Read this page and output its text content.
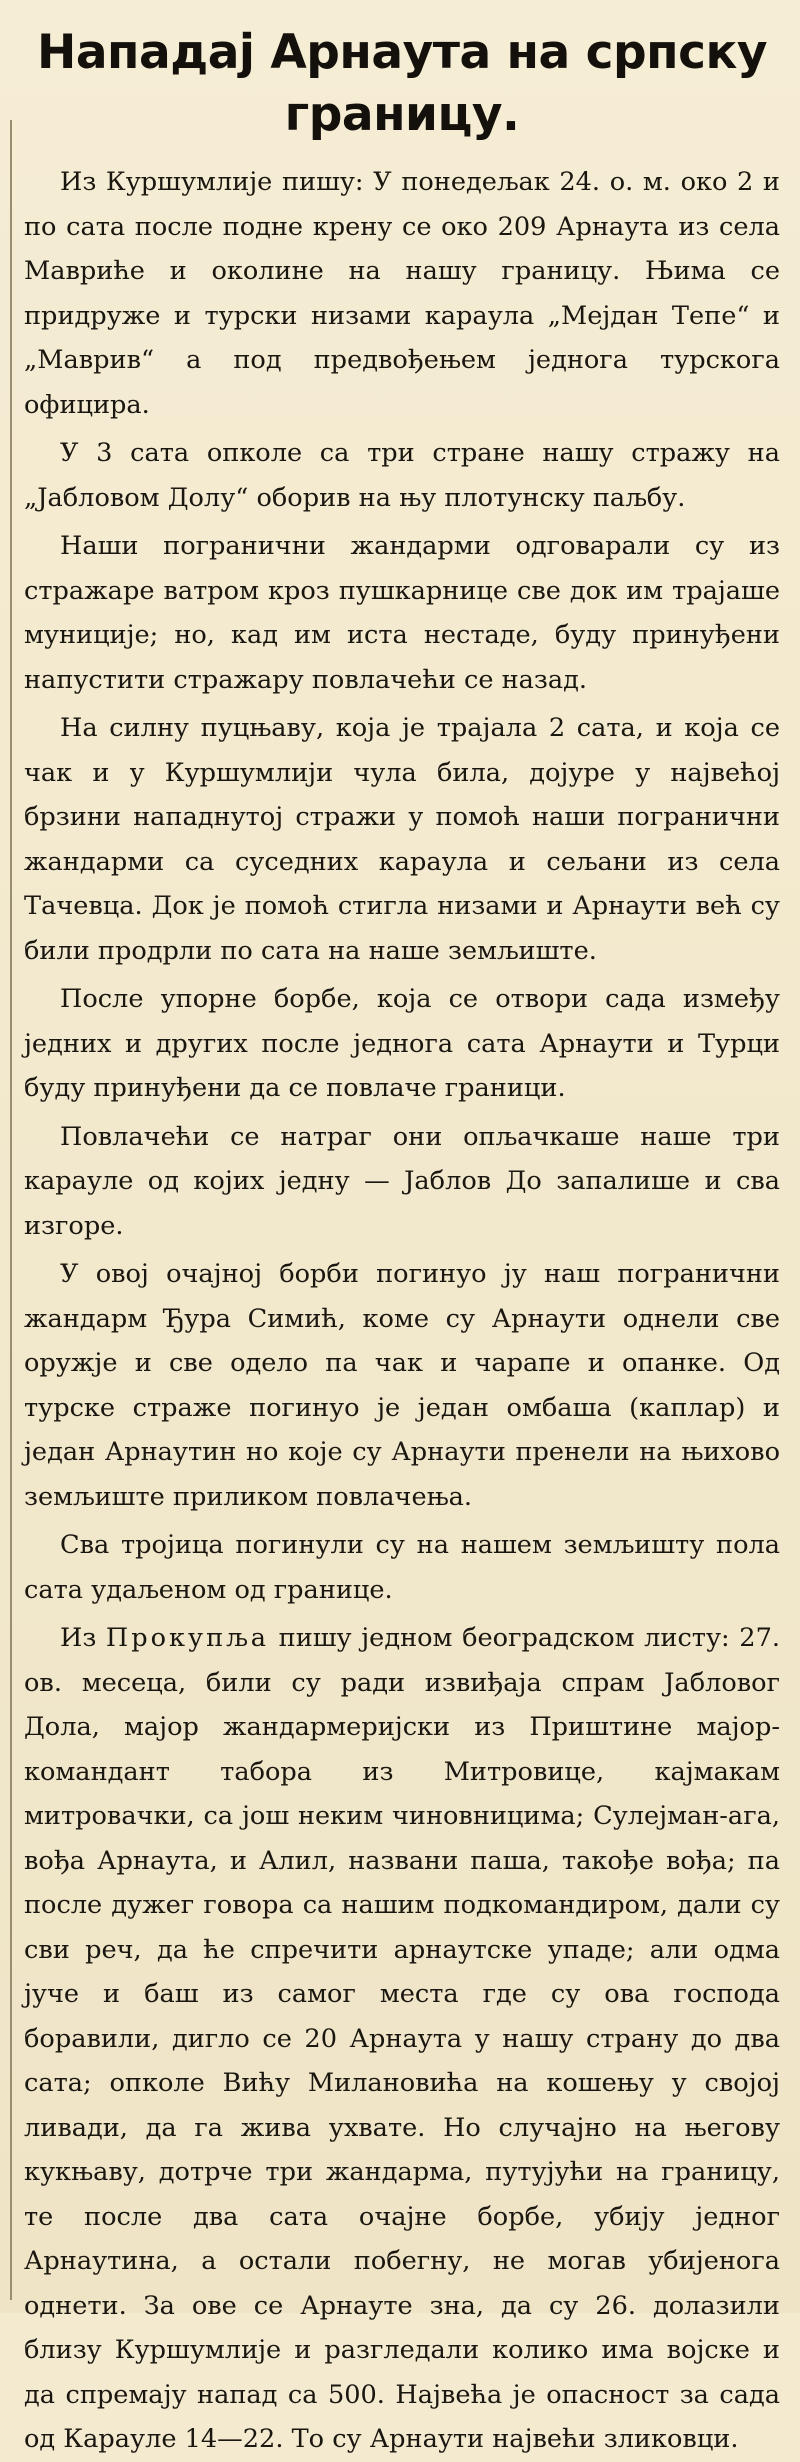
Нападај Арнаута на српску
границу.

Из Куршумлије пишу: У понедељак 24. о. м. око 2 и по сата после подне крену се око 209 Арнаута из села Мавриће и околине на нашу границу. Њима се придруже и турски низами караула „Мејдан Тепе“ и „Маврив“ а под предвођењем једнога турскога официра.

У 3 сата опколе са три стране нашу стражу на „Јабловом Долу“ оборив на њу плотунску паљбу.

Наши погранични жандарми одговарали су из стражаре ватром кроз пушкарнице све док им трајаше муниције; но, кад им иста нестаде, буду принуђени напустити стражару повлачећи се назад.

На силну пуцњаву, која је трајала 2 сата, и која се чак и у Куршумлији чула била, дојуре у највећој брзини нападнутој стражи у помоћ наши погранични жандарми са суседних караула и сељани из села Тачевца. Док је помоћ стигла низами и Арнаути већ су били продрли по сата на наше земљиште.

После упорне борбе, која се отвори сада између једних и других после једнога сата Арнаути и Турци буду принуђени да се повлаче граници.

Повлачећи се натраг они опљачкаше наше три карауле од којих једну — Јаблов До запалише и сва изгоре.

У овој очајној борби погинуо ју наш погранични жандарм Ђура Симић, коме су Арнаути однели све оружје и све одело па чак и чарапе и опанке. Од турске страже погинуо је један омбаша (каплар) и један Арнаутин но које су Арнаути пренели на њихово земљиште приликом повлачења.

Сва тројица погинули су на нашем земљишту пола сата удаљеном од границе.

Из Прокупља пишу једном београдском листу: 27. ов. месеца, били су ради извиђаја спрам Јабловог Дола, мајор жандармеријски из Приштине мајор-командант табора из Митровице, кајмакам митровачки, са још неким чиновницима; Сулејман-ага, вођа Арнаута, и Алил, названи паша, такође вођа; па после дужег говора са нашим подкомандиром, дали су сви реч, да ће спречити арнаутске упаде; али одма јуче и баш из самог места где су ова господа боравили, дигло се 20 Арнаута у нашу страну до два сата; опколе Вићу Милановића на кошењу у својој ливади, да га жива ухвате. Но случајно на његову кукњаву, дотрче три жандарма, путујући на границу, те после два сата очајне борбе, убију једног Арнаутина, а остали побегну, не могав убијенога однети. За ове се Арнауте зна, да су 26. долазили близу Куршумлије и разгледали колико има војске и да спремају напад са 500. Највећа је опасност за сада од Карауле 14—22. То су Арнаути највећи зликовци.
